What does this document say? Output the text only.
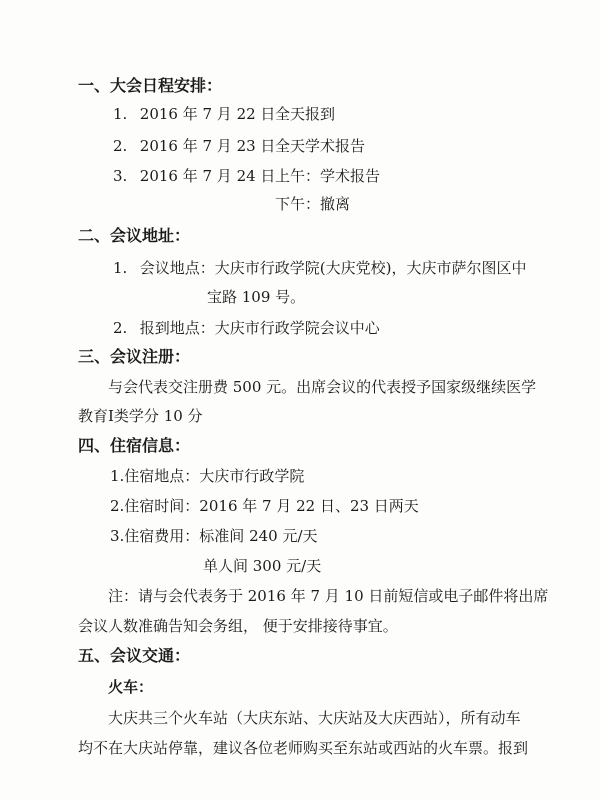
一、大会日程安排：
1. 2016 年 7 月 22 日 全天报到
2. 2016 年 7 月 23 日 全天学术报告
3. 2016 年 7 月 24 日 上午：学术报告
下午：撤离
二、会议地址：
1. 会议地点：大庆市行政学院(大庆党校)，大庆市萨尔图区中
宝路 109 号。
2. 报到地点：大庆市行政学院会议中心
三、会议注册：
与会代表交注册费 500 元。出席会议的代表授予国家级继续医学
教育Ⅰ类学分 10 分
四、住宿信息：
1.住宿地点：大庆市行政学院
2.住宿时间：2016 年 7 月 22 日、23 日两天
3.住宿费用：标准间 240 元/天
单人间 300 元/天
注：请与会代表务于 2016 年 7 月 10 日前短信或电子邮件将出席
会议人数准确告知会务组， 便于安排接待事宜。
五、会议交通：
火车：
大庆共三个火车站（大庆东站、大庆站及大庆西站），所有动车
均不在大庆站停靠，建议各位老师购买至东站或西站的火车票。报到
